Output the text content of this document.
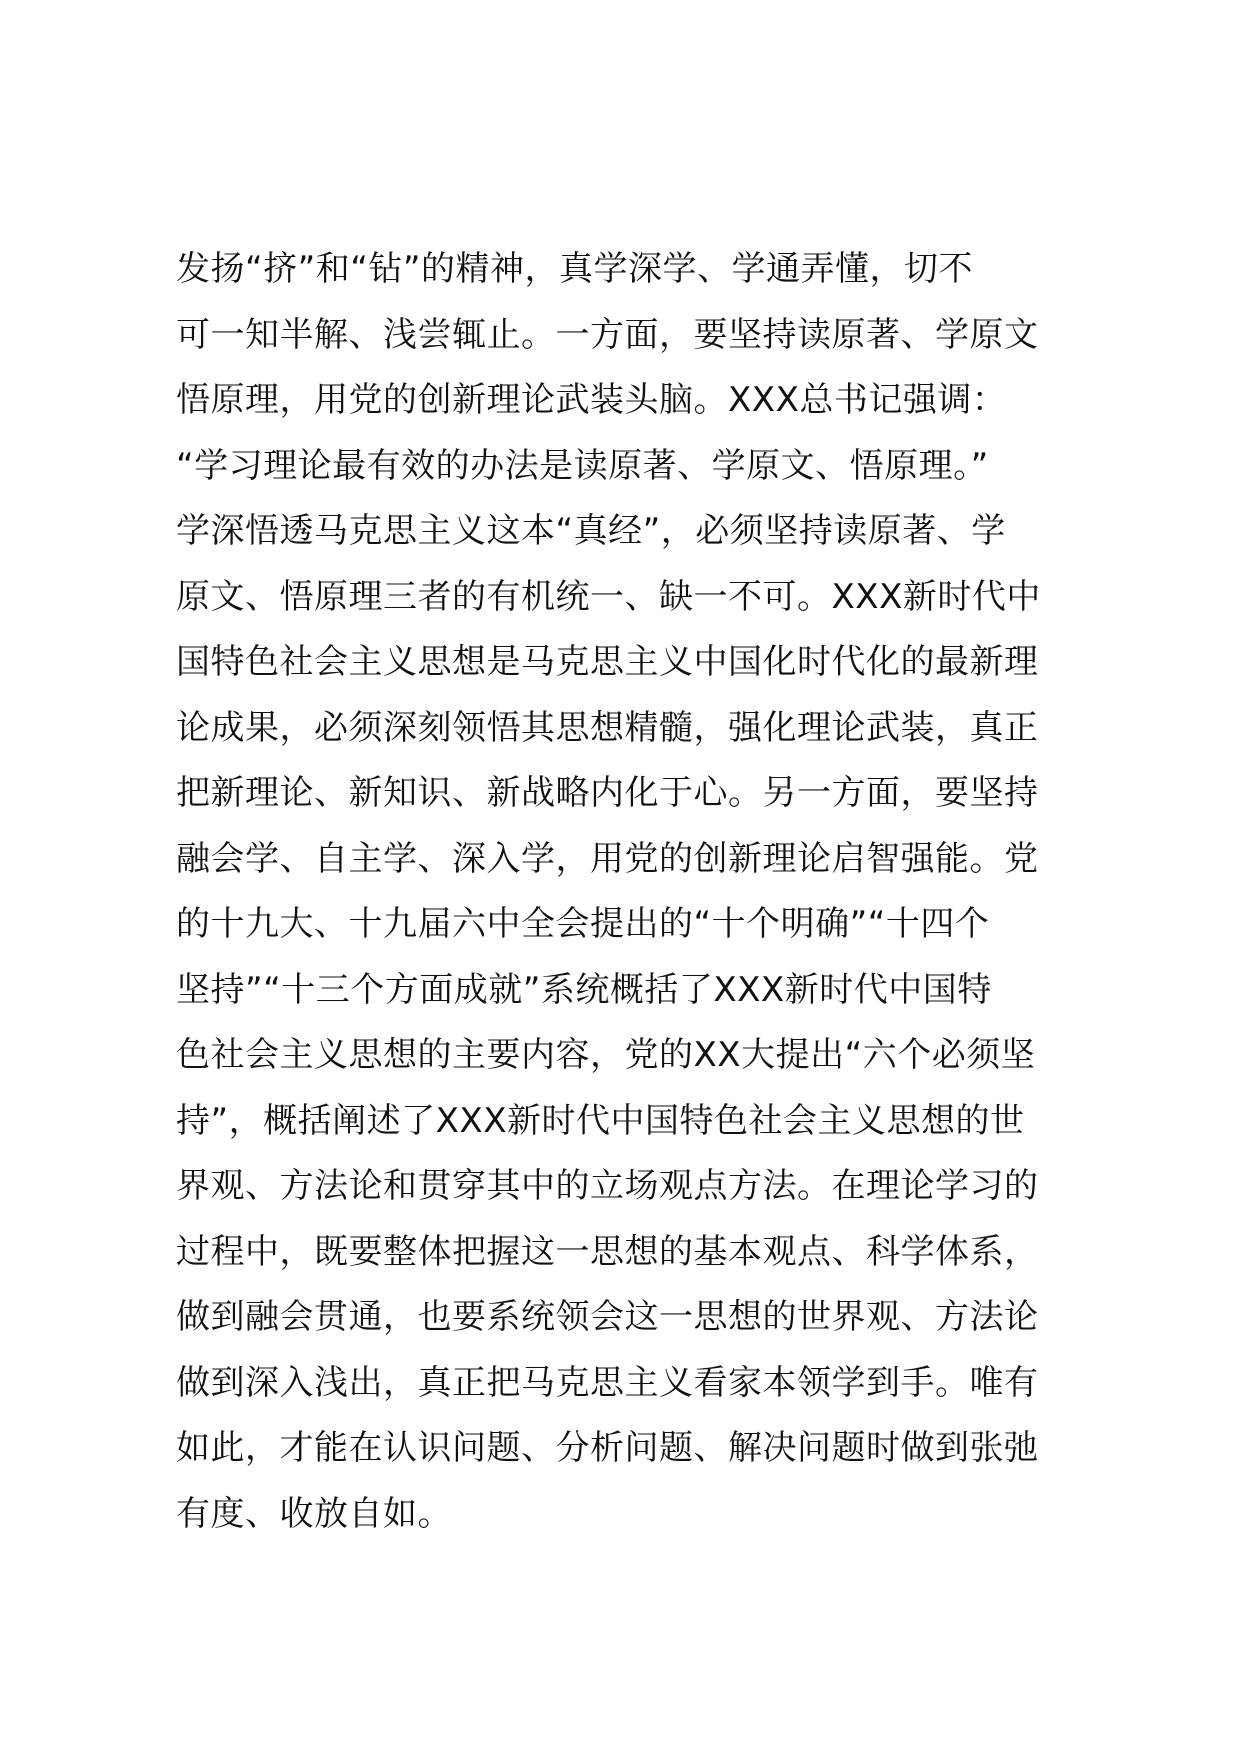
发扬“挤”和“钻”的精神，真学深学、学通弄懂，切不
可一知半解、浅尝辄止。一方面，要坚持读原著、学原文
悟原理，用党的创新理论武装头脑。XXX总书记强调：
“学习理论最有效的办法是读原著、学原文、悟原理。”
学深悟透马克思主义这本“真经”，必须坚持读原著、学
原文、悟原理三者的有机统一、缺一不可。XXX新时代中
国特色社会主义思想是马克思主义中国化时代化的最新理
论成果，必须深刻领悟其思想精髓，强化理论武装，真正
把新理论、新知识、新战略内化于心。另一方面，要坚持
融会学、自主学、深入学，用党的创新理论启智强能。党
的十九大、十九届六中全会提出的“十个明确”“十四个
坚持”“十三个方面成就”系统概括了XXX新时代中国特
色社会主义思想的主要内容，党的XX大提出“六个必须坚
持”，概括阐述了XXX新时代中国特色社会主义思想的世
界观、方法论和贯穿其中的立场观点方法。在理论学习的
过程中，既要整体把握这一思想的基本观点、科学体系，
做到融会贯通，也要系统领会这一思想的世界观、方法论
做到深入浅出，真正把马克思主义看家本领学到手。唯有
如此，才能在认识问题、分析问题、解决问题时做到张弛
有度、收放自如。
